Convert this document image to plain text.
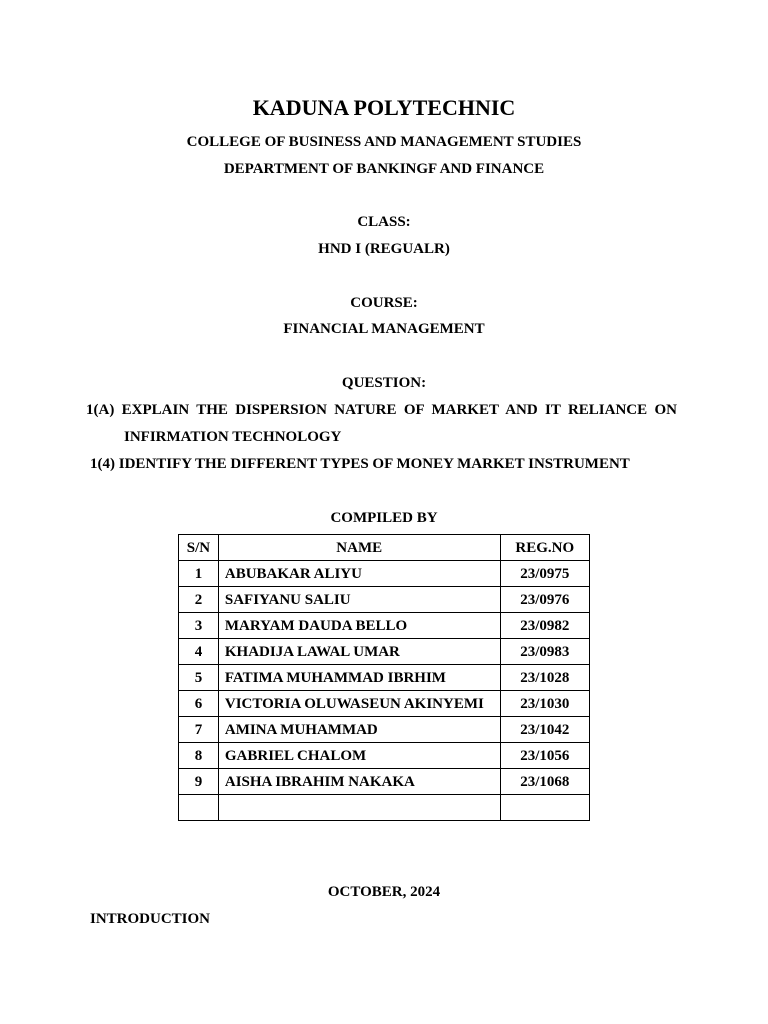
KADUNA POLYTECHNIC
COLLEGE OF BUSINESS AND MANAGEMENT STUDIES
DEPARTMENT OF BANKINGF AND FINANCE
CLASS:
HND I (REGUALR)
COURSE:
FINANCIAL MANAGEMENT
QUESTION:
1(A) EXPLAIN THE DISPERSION NATURE OF MARKET AND IT RELIANCE ON
INFIRMATION TECHNOLOGY
1(4) IDENTIFY THE DIFFERENT TYPES OF MONEY MARKET INSTRUMENT
COMPILED BY
S/N	NAME	REG.NO
1	ABUBAKAR ALIYU	23/0975
2	SAFIYANU SALIU	23/0976
3	MARYAM DAUDA BELLO	23/0982
4	KHADIJA LAWAL UMAR	23/0983
5	FATIMA MUHAMMAD IBRHIM	23/1028
6	VICTORIA OLUWASEUN AKINYEMI	23/1030
7	AMINA MUHAMMAD	23/1042
8	GABRIEL CHALOM	23/1056
9	AISHA IBRAHIM NAKAKA	23/1068

OCTOBER, 2024
INTRODUCTION
